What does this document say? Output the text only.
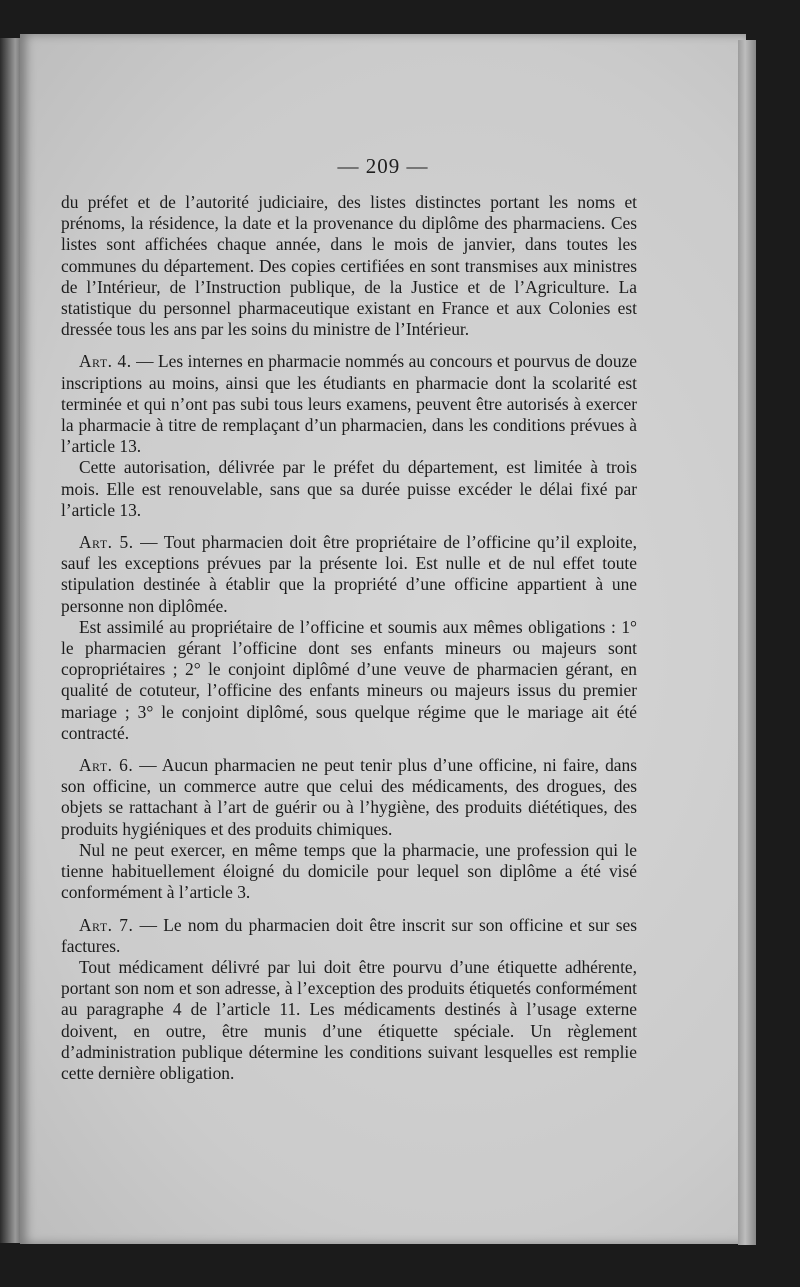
— 209 —

du préfet et de l’autorité judiciaire, des listes distinctes portant les noms et prénoms, la résidence, la date et la provenance du diplôme des pharmaciens. Ces listes sont affichées chaque année, dans le mois de janvier, dans toutes les communes du département. Des copies certifiées en sont transmises aux ministres de l’Intérieur, de l’Instruction publique, de la Justice et de l’Agriculture. La statistique du personnel pharmaceutique existant en France et aux Colonies est dressée tous les ans par les soins du ministre de l’Intérieur.

Art. 4. — Les internes en pharmacie nommés au concours et pourvus de douze inscriptions au moins, ainsi que les étudiants en pharmacie dont la scolarité est terminée et qui n’ont pas subi tous leurs examens, peuvent être autorisés à exercer la pharmacie à titre de remplaçant d’un pharmacien, dans les conditions prévues à l’article 13.

Cette autorisation, délivrée par le préfet du département, est limitée à trois mois. Elle est renouvelable, sans que sa durée puisse excéder le délai fixé par l’article 13.

Art. 5. — Tout pharmacien doit être propriétaire de l’officine qu’il exploite, sauf les exceptions prévues par la présente loi. Est nulle et de nul effet toute stipulation destinée à établir que la propriété d’une officine appartient à une personne non diplômée.

Est assimilé au propriétaire de l’officine et soumis aux mêmes obligations : 1° le pharmacien gérant l’officine dont ses enfants mineurs ou majeurs sont copropriétaires ; 2° le conjoint diplômé d’une veuve de pharmacien gérant, en qualité de cotuteur, l’officine des enfants mineurs ou majeurs issus du premier mariage ; 3° le conjoint diplômé, sous quelque régime que le mariage ait été contracté.

Art. 6. — Aucun pharmacien ne peut tenir plus d’une officine, ni faire, dans son officine, un commerce autre que celui des médicaments, des drogues, des objets se rattachant à l’art de guérir ou à l’hygiène, des produits diététiques, des produits hygiéniques et des produits chimiques.

Nul ne peut exercer, en même temps que la pharmacie, une profession qui le tienne habituellement éloigné du domicile pour lequel son diplôme a été visé conformément à l’article 3.

Art. 7. — Le nom du pharmacien doit être inscrit sur son officine et sur ses factures.

Tout médicament délivré par lui doit être pourvu d’une étiquette adhérente, portant son nom et son adresse, à l’exception des produits étiquetés conformément au paragraphe 4 de l’article 11. Les médicaments destinés à l’usage externe doivent, en outre, être munis d’une étiquette spéciale. Un règlement d’administration publique détermine les conditions suivant lesquelles est remplie cette dernière obligation.
